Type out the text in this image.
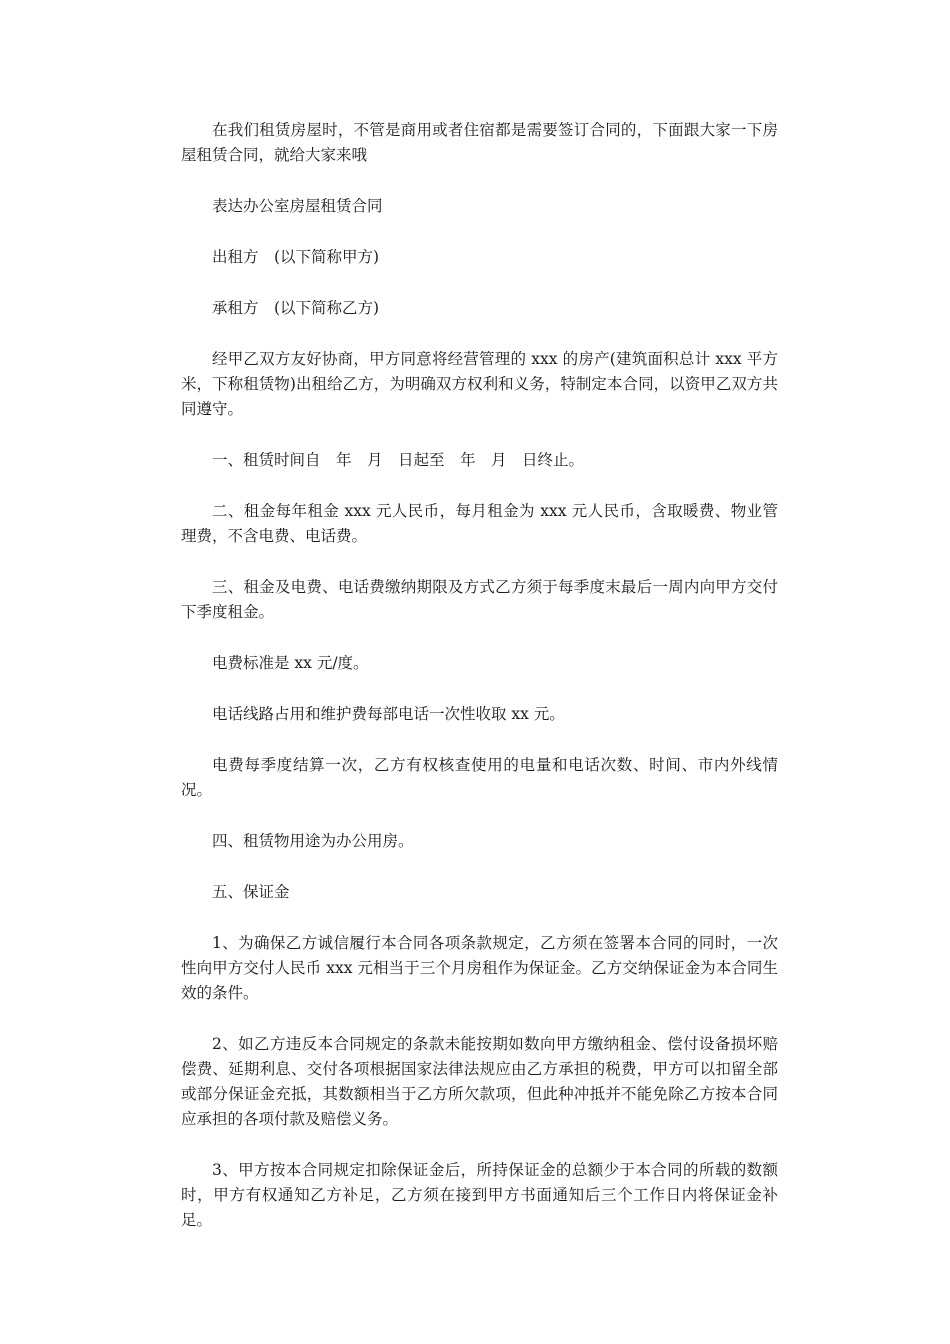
在我们租赁房屋时，不管是商用或者住宿都是需要签订合同的，下面跟大家一下房屋租赁合同，就给大家来哦

表达办公室房屋租赁合同

出租方　(以下简称甲方)

承租方　(以下简称乙方)

经甲乙双方友好协商，甲方同意将经营管理的 xxx 的房产(建筑面积总计 xxx 平方米，下称租赁物)出租给乙方，为明确双方权利和义务，特制定本合同，以资甲乙双方共同遵守。

一、租赁时间自　年　月　日起至　年　月　日终止。

二、租金每年租金 xxx 元人民币，每月租金为 xxx 元人民币，含取暖费、物业管理费，不含电费、电话费。

三、租金及电费、电话费缴纳期限及方式乙方须于每季度末最后一周内向甲方交付下季度租金。

电费标准是 xx 元/度。

电话线路占用和维护费每部电话一次性收取 xx 元。

电费每季度结算一次，乙方有权核查使用的电量和电话次数、时间、市内外线情况。

四、租赁物用途为办公用房。

五、保证金

1、为确保乙方诚信履行本合同各项条款规定，乙方须在签署本合同的同时，一次性向甲方交付人民币 xxx 元相当于三个月房租作为保证金。乙方交纳保证金为本合同生效的条件。

2、如乙方违反本合同规定的条款未能按期如数向甲方缴纳租金、偿付设备损坏赔偿费、延期利息、交付各项根据国家法律法规应由乙方承担的税费，甲方可以扣留全部或部分保证金充抵，其数额相当于乙方所欠款项，但此种冲抵并不能免除乙方按本合同应承担的各项付款及赔偿义务。

3、甲方按本合同规定扣除保证金后，所持保证金的总额少于本合同的所载的数额时，甲方有权通知乙方补足，乙方须在接到甲方书面通知后三个工作日内将保证金补足。
